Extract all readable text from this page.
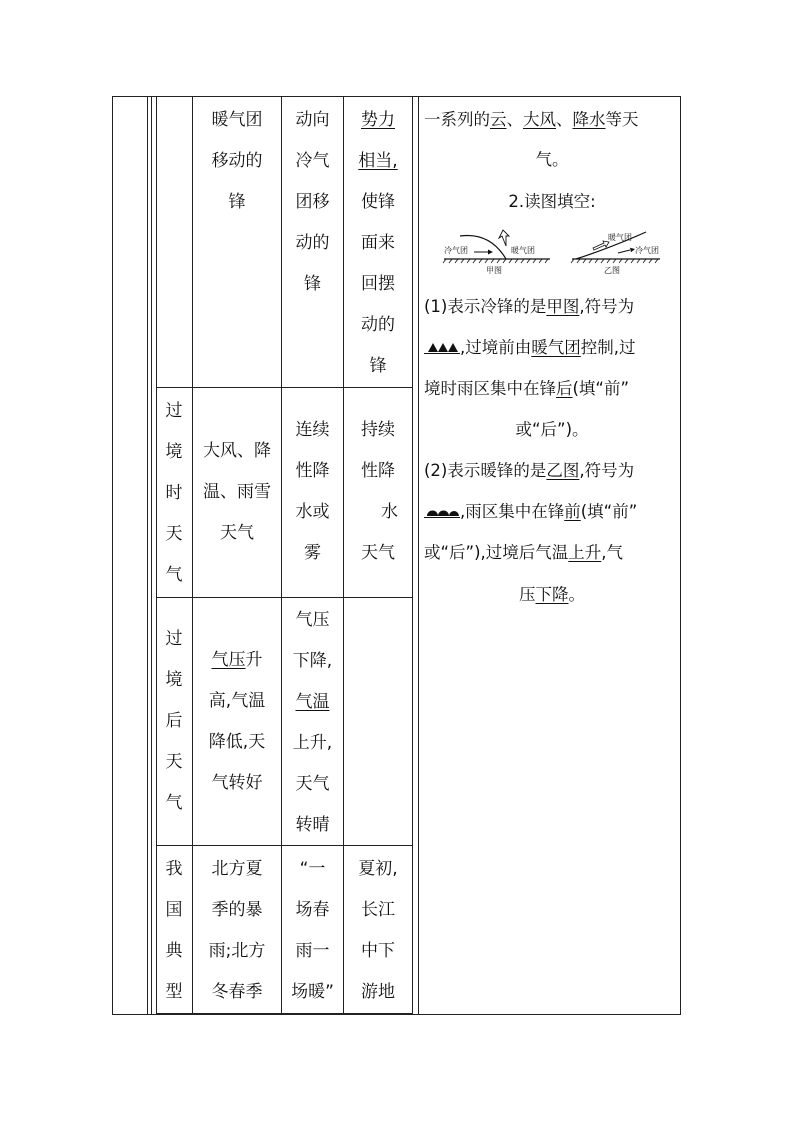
暖气团
移动的
锋
动向
冷气
团移
动的
锋
势力
相当,
使锋
面来
回摆
动的
锋
过
境
时
天
气
大风、降
温、雨雪
天气
连续
性降
水或
雾
持续
性降
水
天气
过
境
后
天
气
气压升
高,气温
降低,天
气转好
气压
下降,
气温
上升,
天气
转晴
我
国
典
型
北方夏
季的暴
雨;北方
冬春季
“一
场春
雨一
场暖”
夏初,
长江
中下
游地
一系列的云、大风、降水等天
气。
2.读图填空:
冷气团	暖气团
甲图
暖气团
冷气团
乙图
(1)表示冷锋的是甲图,符号为
,过境前由暖气团控制,过
境时雨区集中在锋后(填“前”
或“后”)。
(2)表示暖锋的是乙图,符号为
,雨区集中在锋前(填“前”
或“后”),过境后气温上升,气
压下降。
